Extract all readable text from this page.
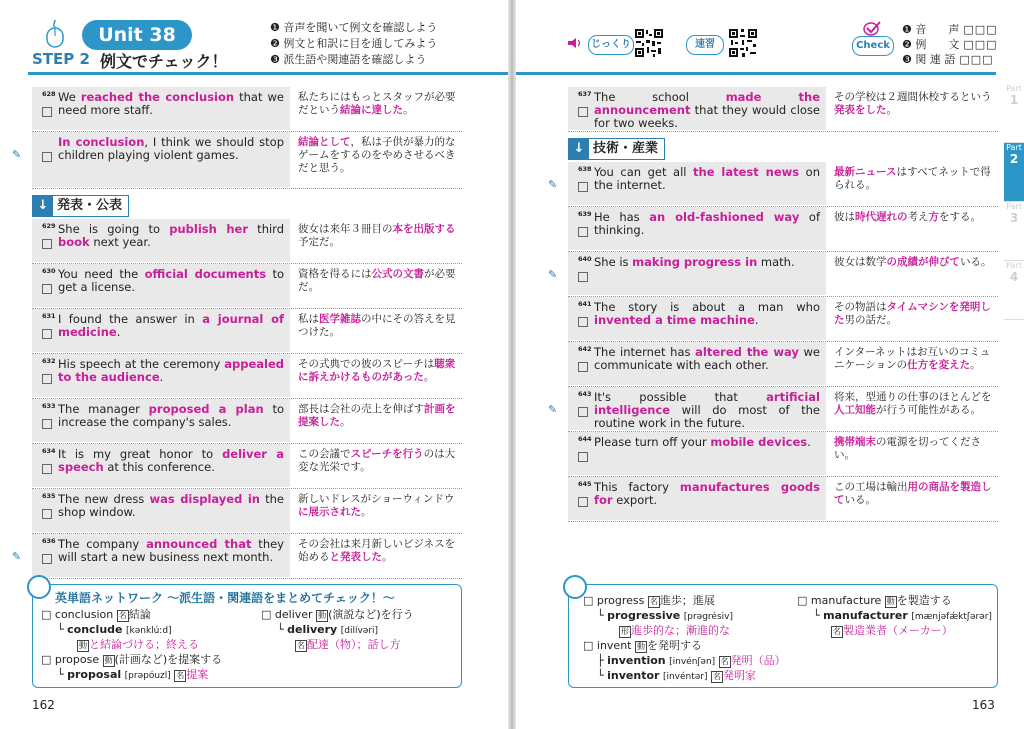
Unit 38
STEP 2 例文でチェック！
❶ 音声を聞いて例文を確認しよう
❷ 例文と和訳に目を通してみよう
❸ 派生語や関連語を確認しよう
We reached the conclusion that we need more staff.
私たちにはもっとスタッフが必要だという結論に達した。
628
In conclusion, I think we should stop children playing violent games.
結論として，私は子供が暴力的なゲームをするのをやめさせるべきだと思う。
✎
↓ 発表・公表
She is going to publish her third book next year.
彼女は来年３冊目の本を出版する予定だ。
629
You need the official documents to get a license.
資格を得るには公式の文書が必要だ。
630
I found the answer in a journal of medicine.
私は医学雑誌の中にその答えを見つけた。
631
His speech at the ceremony appealed to the audience.
その式典での彼のスピーチは聴衆に訴えかけるものがあった。
632
The manager proposed a plan to increase the company's sales.
部長は会社の売上を伸ばす計画を提案した。
633
It is my great honor to deliver a speech at this conference.
この会議でスピーチを行うのは大変な光栄です。
634
The new dress was displayed in the shop window.
新しいドレスがショーウィンドウに展示された。
635
The company announced that they will start a new business next month.
その会社は来月新しいビジネスを始めると発表した。
636
✎
英単語ネットワーク 〜派生語・関連語をまとめてチェック！〜
□ conclusion 名 結論
└ conclude [kənklúːd]
動 と結論づける；終える
□ propose 動 (計画など)を提案する
└ proposal [prəpóuzl] 名 提案
□ deliver 動 (演説など)を行う
└ delivery [dilívəri]
名 配達（物）；話し方
162
じっくり	速習	Check
❶ 音　　声 □□□
❷ 例　　文 □□□
❸ 関 連 語 □□□
The school made the announcement that they would close for two weeks.
その学校は２週間休校するという発表をした。
637
↓ 技術・産業
You can get all the latest news on the internet.
最新ニュースはすべてネットで得られる。
638
✎
He has an old-fashioned way of thinking.
彼は時代遅れの考え方をする。
639
She is making progress in math.	彼女は数学の成績が伸びている。
640
✎
The story is about a man who invented a time machine.
その物語はタイムマシンを発明した男の話だ。
641
The internet has altered the way we communicate with each other.
インターネットはお互いのコミュニケーションの仕方を変えた。
642
It's possible that artificial intelligence will do most of the routine work in the future.
将来，型通りの仕事のほとんどを人工知能が行う可能性がある。
643
✎
Please turn off your mobile devices.	携帯端末の電源を切ってください。
644
This factory manufactures goods for export.
この工場は輸出用の商品を製造している。
645
Part
1
Part
2
Part
3
Part
4
□ progress 名 進歩；進展
└ progressive [prəgrésiv]
形 進歩的な；漸進的な
□ invent 動 を発明する
├ invention [invénʃən] 名 発明（品）
└ inventor [invéntər] 名 発明家
□ manufacture 動 を製造する
└ manufacturer [mænjəfǽktʃərər]
名 製造業者（メーカー）
163
